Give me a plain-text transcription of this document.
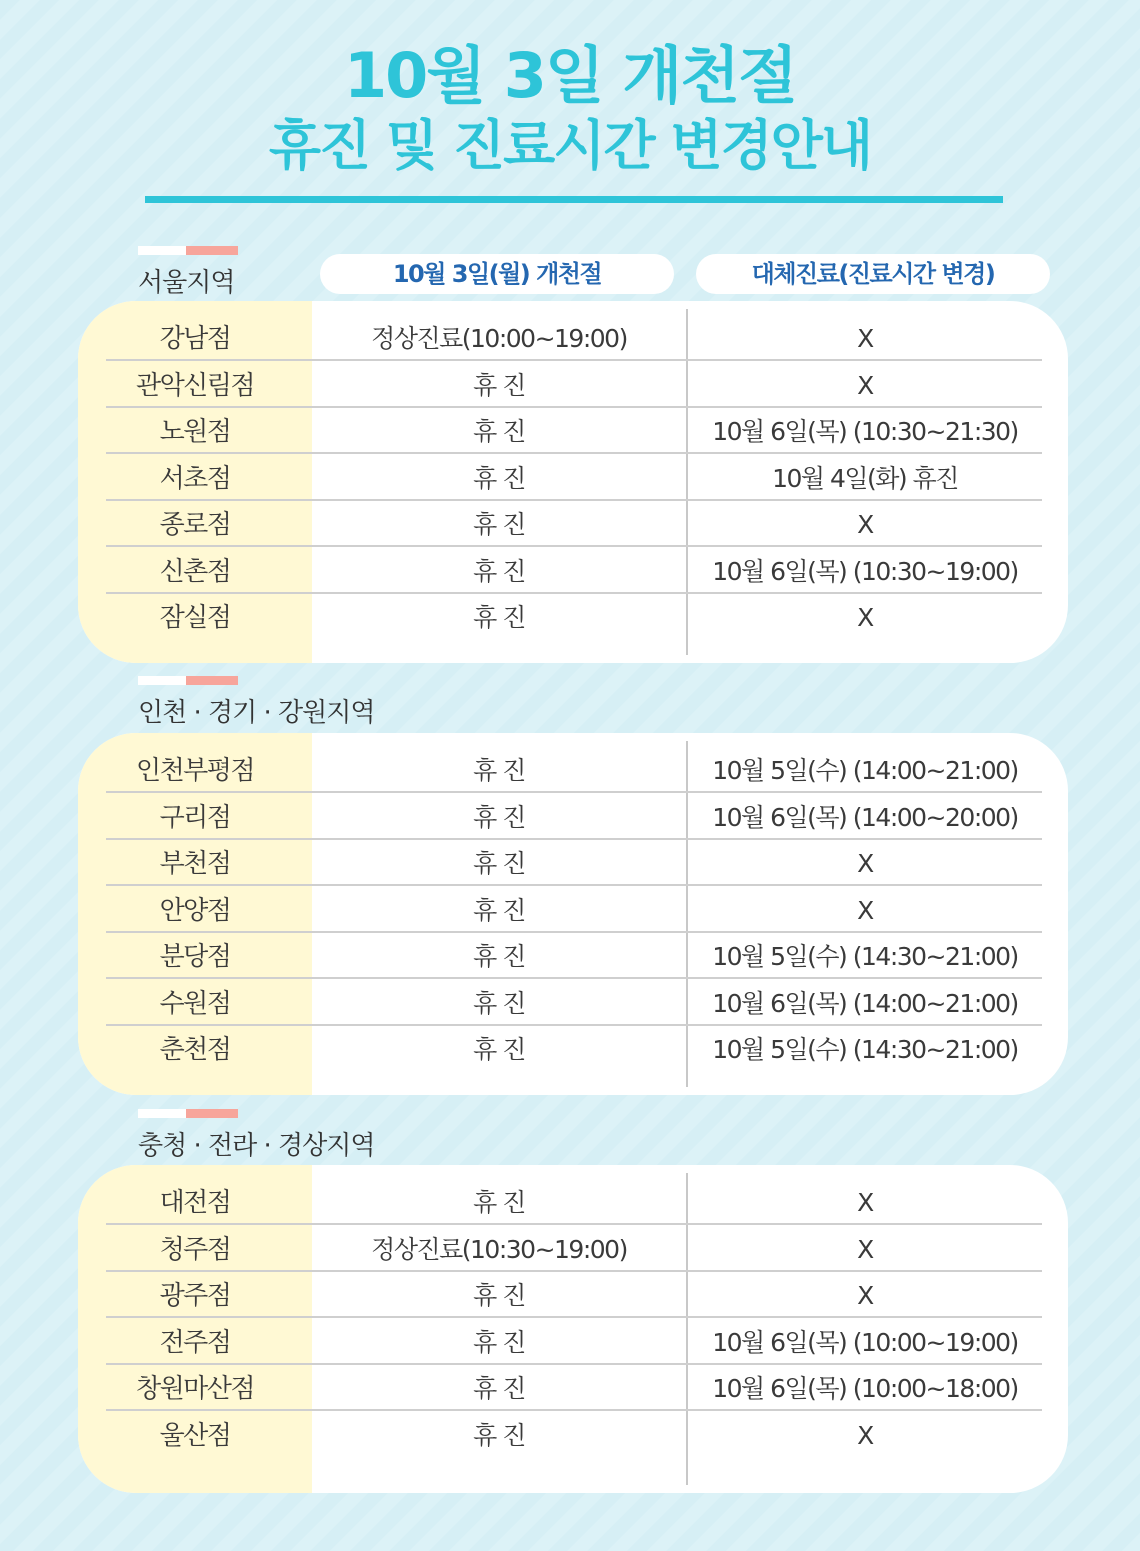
10월 3일 개천절
휴진 및 진료시간 변경안내
10월 3일(월) 개천절	대체진료(진료시간 변경)
서울지역
강남점	정상진료(10:00~19:00)	X
관악신림점	휴 진	X
노원점	휴 진	10월 6일(목) (10:30~21:30)
서초점	휴 진	10월 4일(화) 휴진
종로점	휴 진	X
신촌점	휴 진	10월 6일(목) (10:30~19:00)
잠실점	휴 진	X
인천 · 경기 · 강원지역
인천부평점	휴 진	10월 5일(수) (14:00~21:00)
구리점	휴 진	10월 6일(목) (14:00~20:00)
부천점	휴 진	X
안양점	휴 진	X
분당점	휴 진	10월 5일(수) (14:30~21:00)
수원점	휴 진	10월 6일(목) (14:00~21:00)
춘천점	휴 진	10월 5일(수) (14:30~21:00)
충청 · 전라 · 경상지역
대전점	휴 진	X
청주점	정상진료(10:30~19:00)	X
광주점	휴 진	X
전주점	휴 진	10월 6일(목) (10:00~19:00)
창원마산점	휴 진	10월 6일(목) (10:00~18:00)
울산점	휴 진	X
